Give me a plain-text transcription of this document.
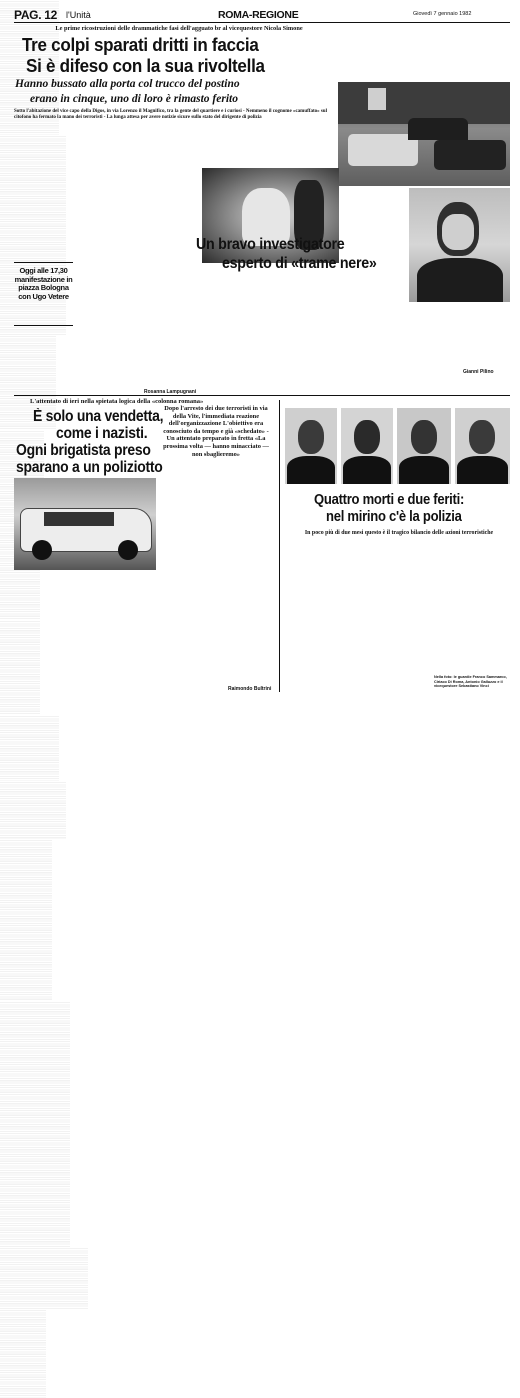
PAG. 12 l'Unità	ROMA-REGIONE	Giovedì 7 gennaio 1982
Le prime ricostruzioni delle drammatiche fasi dell'agguato br al vicequestore Nicola Simone
Tre colpi sparati dritti in faccia
Si è difeso con la sua rivoltella
Hanno bussato alla porta col trucco del postino
erano in cinque, uno di loro è rimasto ferito
Sotto l'abitazione del vice capo della Digos, in via Lorenzo il Magnifico, tra la gente del quartiere e i curiosi - Nemmeno il cognome «camuffato» sul citofono ha fermato la mano dei terroristi - La lunga attesa per avere notizie sicure sullo stato del dirigente di polizia
Un bravo investigatore
esperto di «trame nere»
Oggi alle 17,30 manifestazione in piazza Bologna con Ugo Vetere
Gianni Pilino
Rosanna Lampugnani
L'attentato di ieri nella spietata logica della «colonna romana»
È solo una vendetta,
come i nazisti.
Ogni brigatista preso
sparano a un poliziotto
Dopo l'arresto dei due terroristi in via della Vite, l'immediata reazione dell'organizzazione L'obiettivo era conosciuto da tempo e già «schedato» - Un attentato preparato in fretta «La prossima volta — hanno minacciato — non sbaglieremo»
Raimondo Bultrini
Quattro morti e due feriti:
nel mirino c'è la polizia
In poco più di due mesi questo è il tragico bilancio delle azioni terroristiche
Nella foto: le guardie Franco Sammarco, Ciriaco Di Roma, Antonio Galluzzo e il vicequestore Sebastiano Vinci
